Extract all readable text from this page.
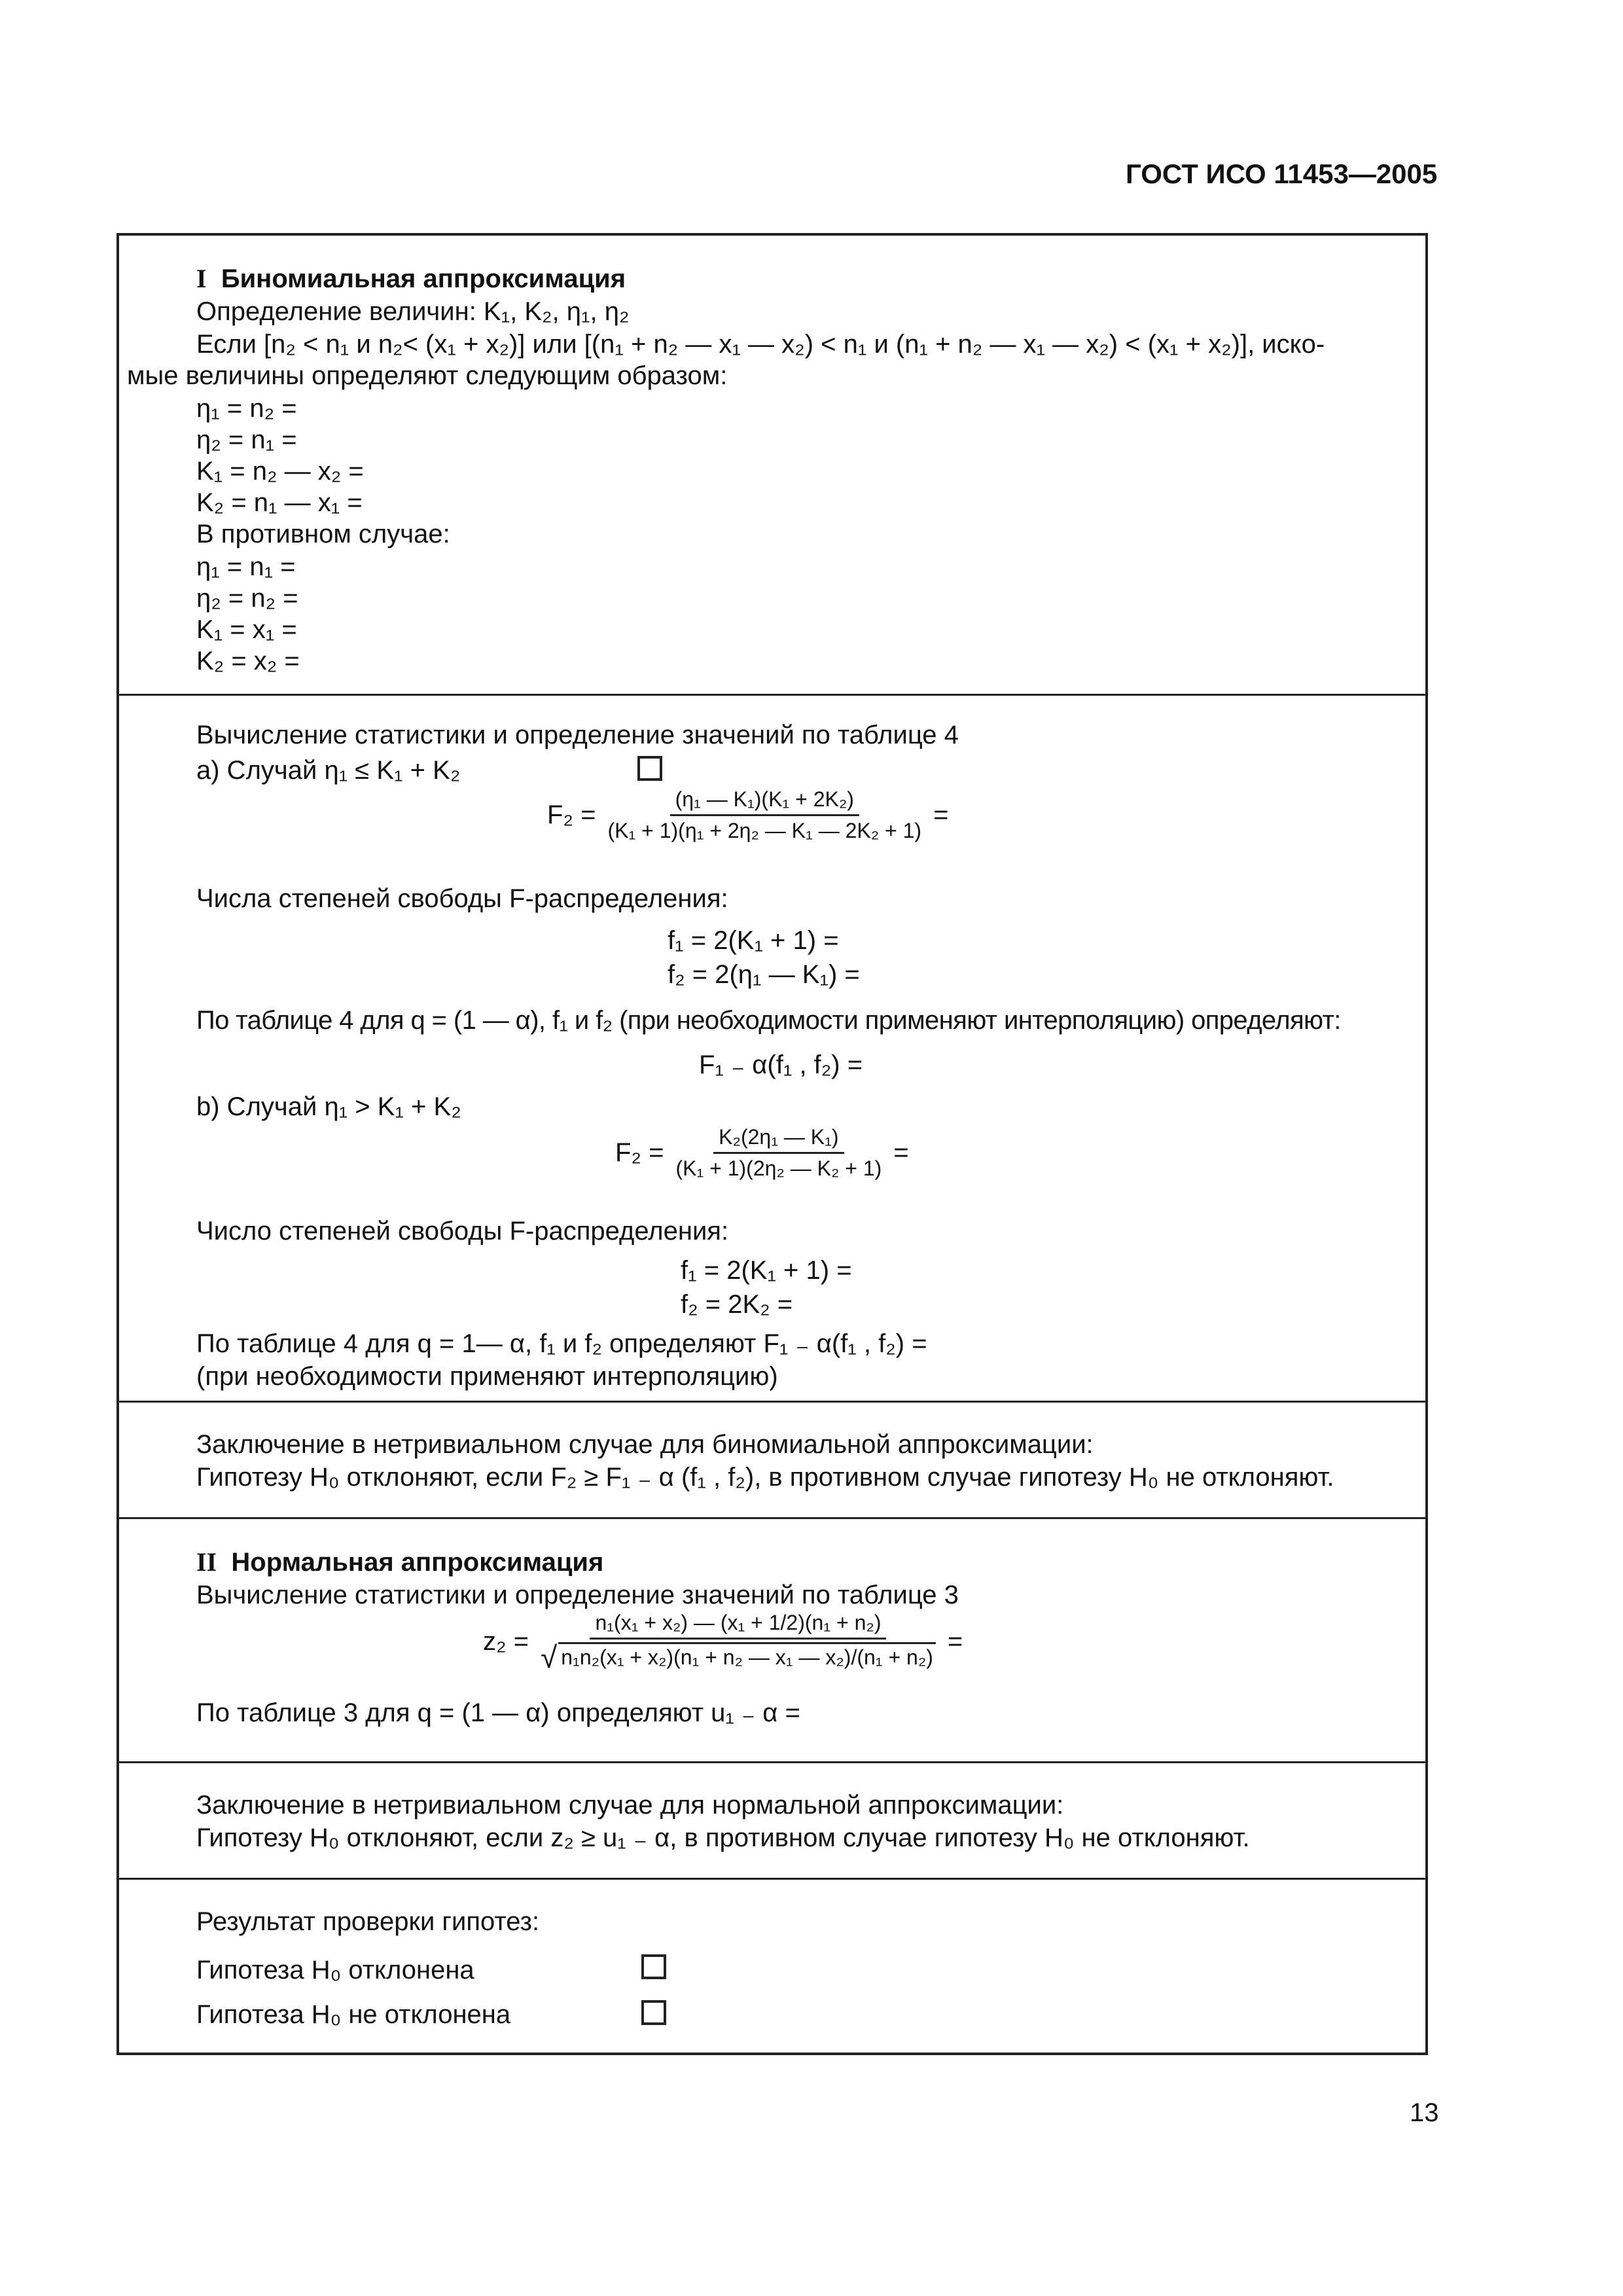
ГОСТ ИСО 11453—2005
I Биномиальная аппроксимация
Определение величин: K₁, K₂, η₁, η₂
Если [n₂ < n₁ и n₂< (x₁ + x₂)] или [(n₁ + n₂ — x₁ — x₂) < n₁ и (n₁ + n₂ — x₁ — x₂) < (x₁ + x₂)], иско-
мые величины определяют следующим образом:
η₁ = n₂ =
η₂ = n₁ =
K₁ = n₂ — x₂ =
K₂ = n₁ — x₁ =
В противном случае:
η₁ = n₁ =
η₂ = n₂ =
K₁ = x₁ =
K₂ = x₂ =
Вычисление статистики и определение значений по таблице 4
а) Случай η₁ ≤ K₁ + K₂
$F_2 = \frac{\text{(η₁ — K₁)(K₁ + 2K₂)}}{\text{(K₁ + 1)(η₁ + 2η₂ — K₁ — 2K₂ + 1)}}$ =
Числа степеней свободы F-распределения:
f₁ = 2(K₁ + 1) =
f₂ = 2(η₁ — K₁) =
По таблице 4 для q = (1 — α), f₁ и f₂ (при необходимости применяют интерполяцию) определяют:
F₁ ₋ α(f₁ , f₂) =
b) Случай η₁ > K₁ + K₂
$F_2 = \frac{\text{K₂(2η₁ — K₁)}}{\text{(K₁ + 1)(2η₂ — K₂ + 1)}}$ =
Число степеней свободы F-распределения:
f₁ = 2(K₁ + 1) =
f₂ = 2K₂ =
По таблице 4 для q = 1— α, f₁ и f₂ определяют F₁ ₋ α(f₁ , f₂) =
(при необходимости применяют интерполяцию)
Заключение в нетривиальном случае для биномиальной аппроксимации:
Гипотезу H₀ отклоняют, если F₂ ≥ F₁ ₋ α (f₁ , f₂), в противном случае гипотезу H₀ не отклоняют.
II Нормальная аппроксимация
Вычисление статистики и определение значений по таблице 3
$z_2 = \frac{\text{n₁(x₁ + x₂) — (x₁ + 1/2)(n₁ + n₂)}}{\text{√ n₁n₂(x₁ + x₂)(n₁ + n₂ — x₁ — x₂)/(n₁ + n₂)}}$ =
По таблице 3 для q = (1 — α) определяют u₁ ₋ α =
Заключение в нетривиальном случае для нормальной аппроксимации:
Гипотезу H₀ отклоняют, если z₂ ≥ u₁ ₋ α, в противном случае гипотезу H₀ не отклоняют.
Результат проверки гипотез:
Гипотеза H₀ отклонена
Гипотеза H₀ не отклонена
13
